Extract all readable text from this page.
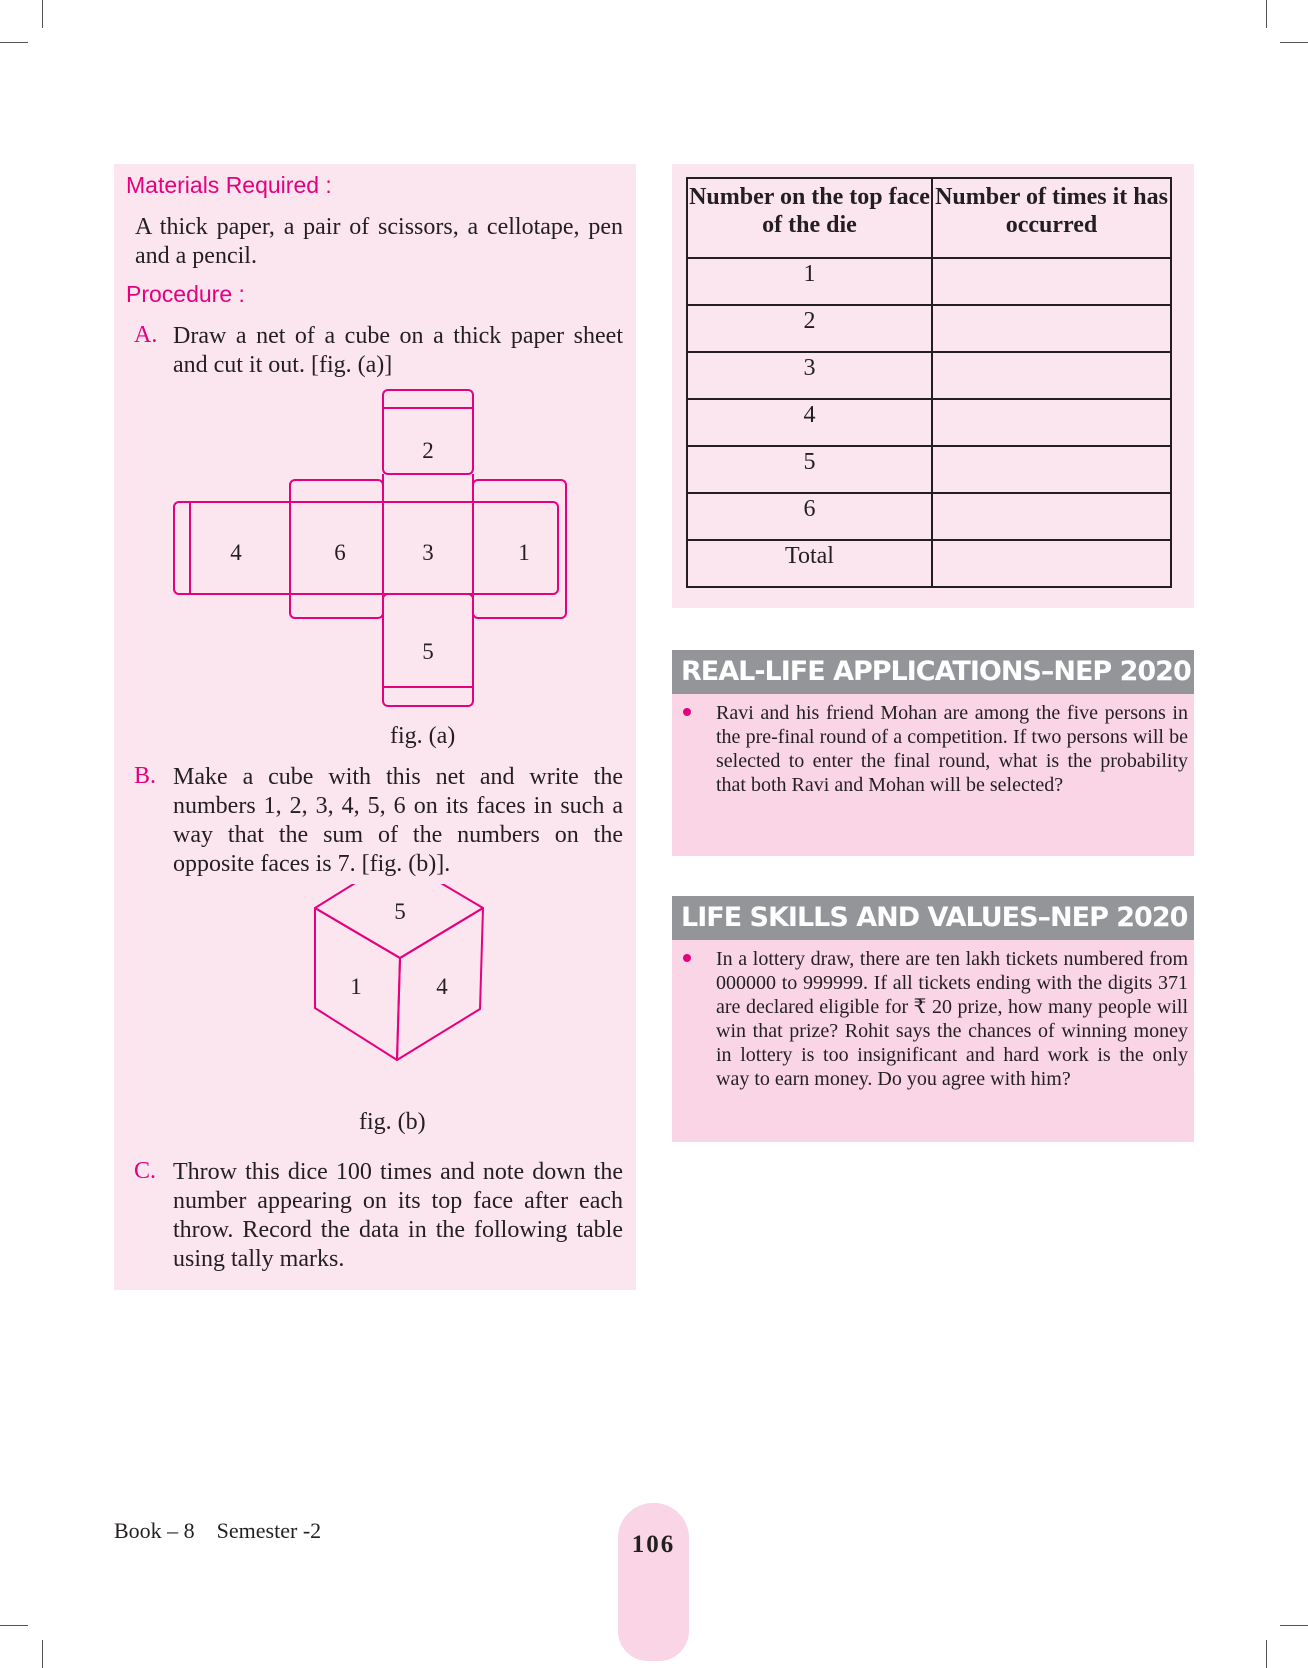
Materials Required :
A thick paper, a pair of scissors, a cellotape, pen and a pencil.
Procedure :
A. Draw a net of a cube on a thick paper sheet and cut it out. [fig. (a)]
2
4	6	3	1
5
fig. (a)
B. Make a cube with this net and write the numbers 1, 2, 3, 4, 5, 6 on its faces in such a way that the sum of the numbers on the opposite faces is 7. [fig. (b)].
5
1	4
fig. (b)
C. Throw this dice 100 times and note down the number appearing on its top face after each throw. Record the data in the following table using tally marks.
Number on the top face of the die	Number of times it has occurred
1	
2	
3	
4	
5	
6	
Total	
REAL-LIFE APPLICATIONS–NEP 2020
Ravi and his friend Mohan are among the five persons in the pre-final round of a competition. If two persons will be selected to enter the final round, what is the probability that both Ravi and Mohan will be selected?
LIFE SKILLS AND VALUES–NEP 2020
In a lottery draw, there are ten lakh tickets numbered from 000000 to 999999. If all tickets ending with the digits 371 are declared eligible for ₹ 20 prize, how many people will win that prize? Rohit says the chances of winning money in lottery is too insignificant and hard work is the only way to earn money. Do you agree with him?
Book – 8    Semester -2
106
